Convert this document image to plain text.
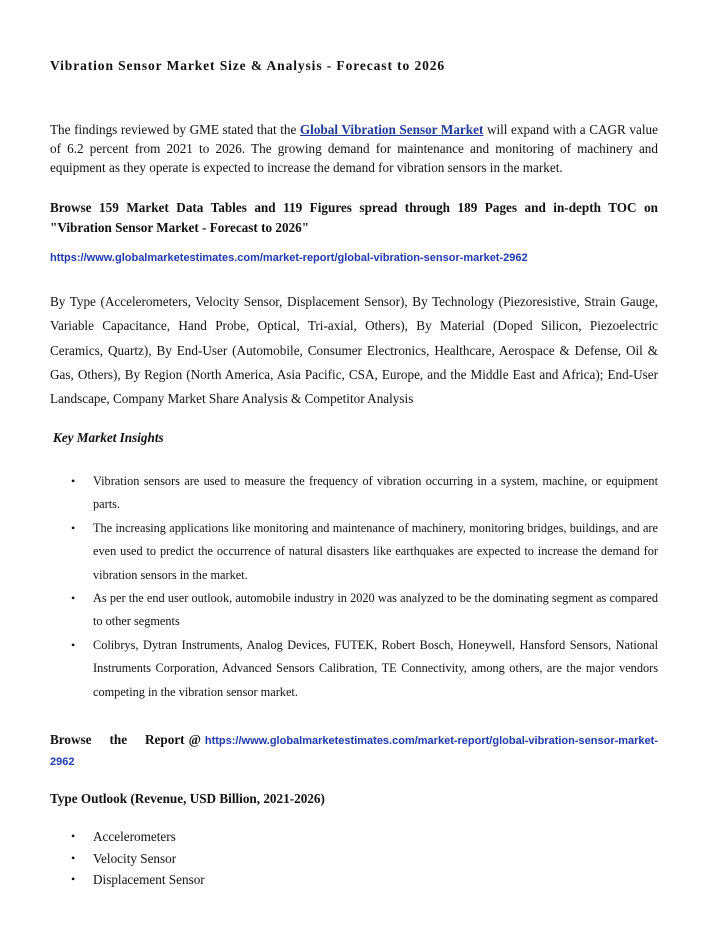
Vibration Sensor Market Size & Analysis - Forecast to 2026

The findings reviewed by GME stated that the Global Vibration Sensor Market will expand with a CAGR value of 6.2 percent from 2021 to 2026. The growing demand for maintenance and monitoring of machinery and equipment as they operate is expected to increase the demand for vibration sensors in the market.

Browse 159 Market Data Tables and 119 Figures spread through 189 Pages and in-depth TOC on "Vibration Sensor Market - Forecast to 2026"

https://www.globalmarketestimates.com/market-report/global-vibration-sensor-market-2962

By Type (Accelerometers, Velocity Sensor, Displacement Sensor), By Technology (Piezoresistive, Strain Gauge, Variable Capacitance, Hand Probe, Optical, Tri-axial, Others), By Material (Doped Silicon, Piezoelectric Ceramics, Quartz), By End-User (Automobile, Consumer Electronics, Healthcare, Aerospace & Defense, Oil & Gas, Others), By Region (North America, Asia Pacific, CSA, Europe, and the Middle East and Africa); End-User Landscape, Company Market Share Analysis & Competitor Analysis

Key Market Insights
• Vibration sensors are used to measure the frequency of vibration occurring in a system, machine, or equipment parts.
• The increasing applications like monitoring and maintenance of machinery, monitoring bridges, buildings, and are even used to predict the occurrence of natural disasters like earthquakes are expected to increase the demand for vibration sensors in the market.
• As per the end user outlook, automobile industry in 2020 was analyzed to be the dominating segment as compared to other segments
• Colibrys, Dytran Instruments, Analog Devices, FUTEK, Robert Bosch, Honeywell, Hansford Sensors, National Instruments Corporation, Advanced Sensors Calibration, TE Connectivity, among others, are the major vendors competing in the vibration sensor market.

Browse the Report @ https://www.globalmarketestimates.com/market-report/global-vibration-sensor-market-2962

Type Outlook (Revenue, USD Billion, 2021-2026)
• Accelerometers
• Velocity Sensor
• Displacement Sensor
